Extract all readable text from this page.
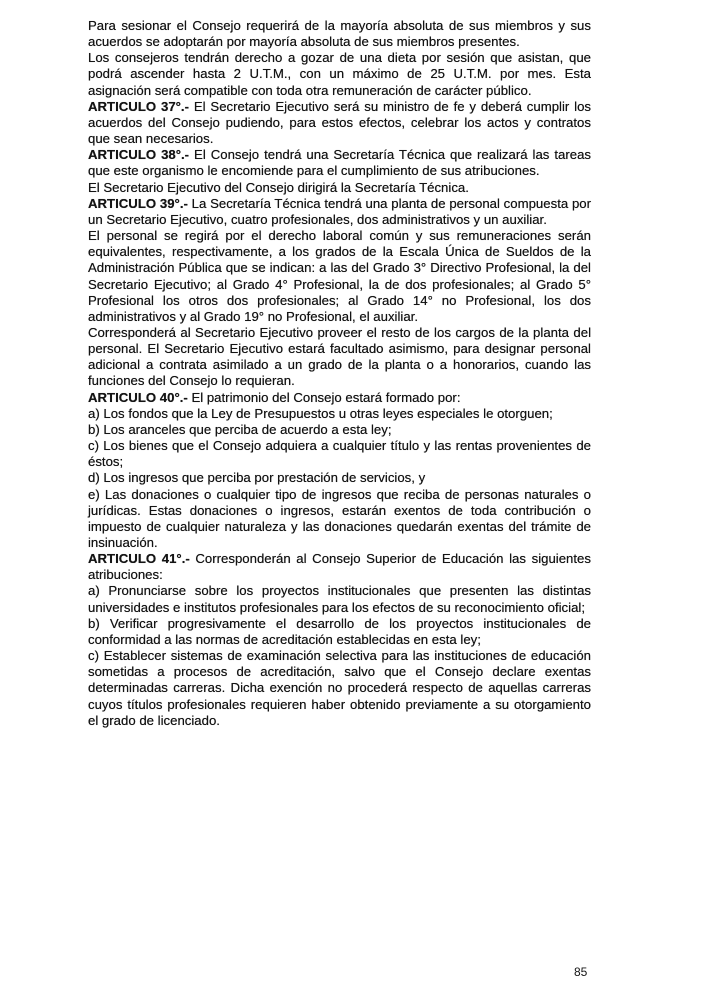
Para sesionar el Consejo requerirá de la mayoría absoluta de sus miembros y sus acuerdos se adoptarán por mayoría absoluta de sus miembros presentes.

Los consejeros tendrán derecho a gozar de una dieta por sesión que asistan, que podrá ascender hasta 2 U.T.M., con un máximo de 25 U.T.M. por mes. Esta asignación será compatible con toda otra remuneración de carácter público.

ARTICULO 37°.- El Secretario Ejecutivo será su ministro de fe y deberá cumplir los acuerdos del Consejo pudiendo, para estos efectos, celebrar los actos y contratos que sean necesarios.

ARTICULO 38°.- El Consejo tendrá una Secretaría Técnica que realizará las tareas que este organismo le encomiende para el cumplimiento de sus atribuciones.

El Secretario Ejecutivo del Consejo dirigirá la Secretaría Técnica.

ARTICULO 39°.- La Secretaría Técnica tendrá una planta de personal compuesta por un Secretario Ejecutivo, cuatro profesionales, dos administrativos y un auxiliar.

El personal se regirá por el derecho laboral común y sus remuneraciones serán equivalentes, respectivamente, a los grados de la Escala Única de Sueldos de la Administración Pública que se indican: a las del Grado 3° Directivo Profesional, la del Secretario Ejecutivo; al Grado 4° Profesional, la de dos profesionales; al Grado 5° Profesional los otros dos profesionales; al Grado 14° no Profesional, los dos administrativos y al Grado 19° no Profesional, el auxiliar.

Corresponderá al Secretario Ejecutivo proveer el resto de los cargos de la planta del personal. El Secretario Ejecutivo estará facultado asimismo, para designar personal adicional a contrata asimilado a un grado de la planta o a honorarios, cuando las funciones del Consejo lo requieran.

ARTICULO 40°.- El patrimonio del Consejo estará formado por:

a) Los fondos que la Ley de Presupuestos u otras leyes especiales le otorguen;

b) Los aranceles que perciba de acuerdo a esta ley;

c) Los bienes que el Consejo adquiera a cualquier título y las rentas provenientes de éstos;

d) Los ingresos que perciba por prestación de servicios, y

e) Las donaciones o cualquier tipo de ingresos que reciba de personas naturales o jurídicas. Estas donaciones o ingresos, estarán exentos de toda contribución o impuesto de cualquier naturaleza y las donaciones quedarán exentas del trámite de insinuación.

ARTICULO 41°.- Corresponderán al Consejo Superior de Educación las siguientes atribuciones:

a) Pronunciarse sobre los proyectos institucionales que presenten las distintas universidades e institutos profesionales para los efectos de su reconocimiento oficial;

b) Verificar progresivamente el desarrollo de los proyectos institucionales de conformidad a las normas de acreditación establecidas en esta ley;

c) Establecer sistemas de examinación selectiva para las instituciones de educación sometidas a procesos de acreditación, salvo que el Consejo declare exentas determinadas carreras. Dicha exención no procederá respecto de aquellas carreras cuyos títulos profesionales requieren haber obtenido previamente a su otorgamiento el grado de licenciado.

85
